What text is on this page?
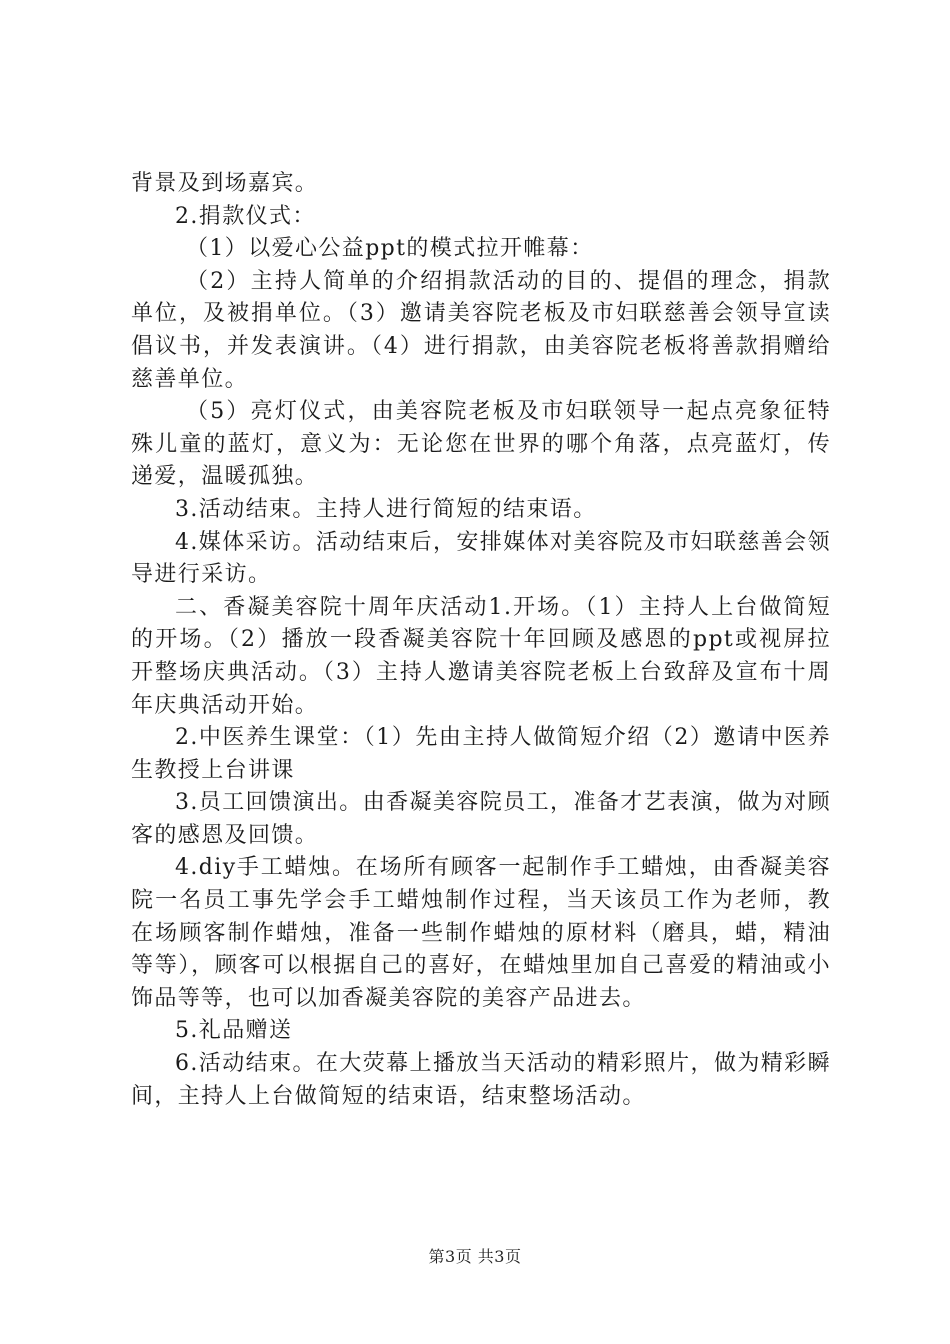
背景及到场嘉宾。

2.捐款仪式：

（1）以爱心公益ppt的模式拉开帷幕：

（2）主持人简单的介绍捐款活动的目的、提倡的理念，捐款单位，及被捐单位。（3）邀请美容院老板及市妇联慈善会领导宣读倡议书，并发表演讲。（4）进行捐款，由美容院老板将善款捐赠给慈善单位。

（5）亮灯仪式，由美容院老板及市妇联领导一起点亮象征特殊儿童的蓝灯，意义为：无论您在世界的哪个角落，点亮蓝灯，传递爱，温暖孤独。

3.活动结束。主持人进行简短的结束语。

4.媒体采访。活动结束后，安排媒体对美容院及市妇联慈善会领导进行采访。

二、香凝美容院十周年庆活动1.开场。（1）主持人上台做简短的开场。（2）播放一段香凝美容院十年回顾及感恩的ppt或视屏拉开整场庆典活动。（3）主持人邀请美容院老板上台致辞及宣布十周年庆典活动开始。

2.中医养生课堂：（1）先由主持人做简短介绍（2）邀请中医养生教授上台讲课

3.员工回馈演出。由香凝美容院员工，准备才艺表演，做为对顾客的感恩及回馈。

4.diy手工蜡烛。在场所有顾客一起制作手工蜡烛，由香凝美容院一名员工事先学会手工蜡烛制作过程，当天该员工作为老师，教在场顾客制作蜡烛，准备一些制作蜡烛的原材料（磨具，蜡，精油等等），顾客可以根据自己的喜好，在蜡烛里加自己喜爱的精油或小饰品等等，也可以加香凝美容院的美容产品进去。

5.礼品赠送

6.活动结束。在大荧幕上播放当天活动的精彩照片，做为精彩瞬间，主持人上台做简短的结束语，结束整场活动。

第3页 共3页
